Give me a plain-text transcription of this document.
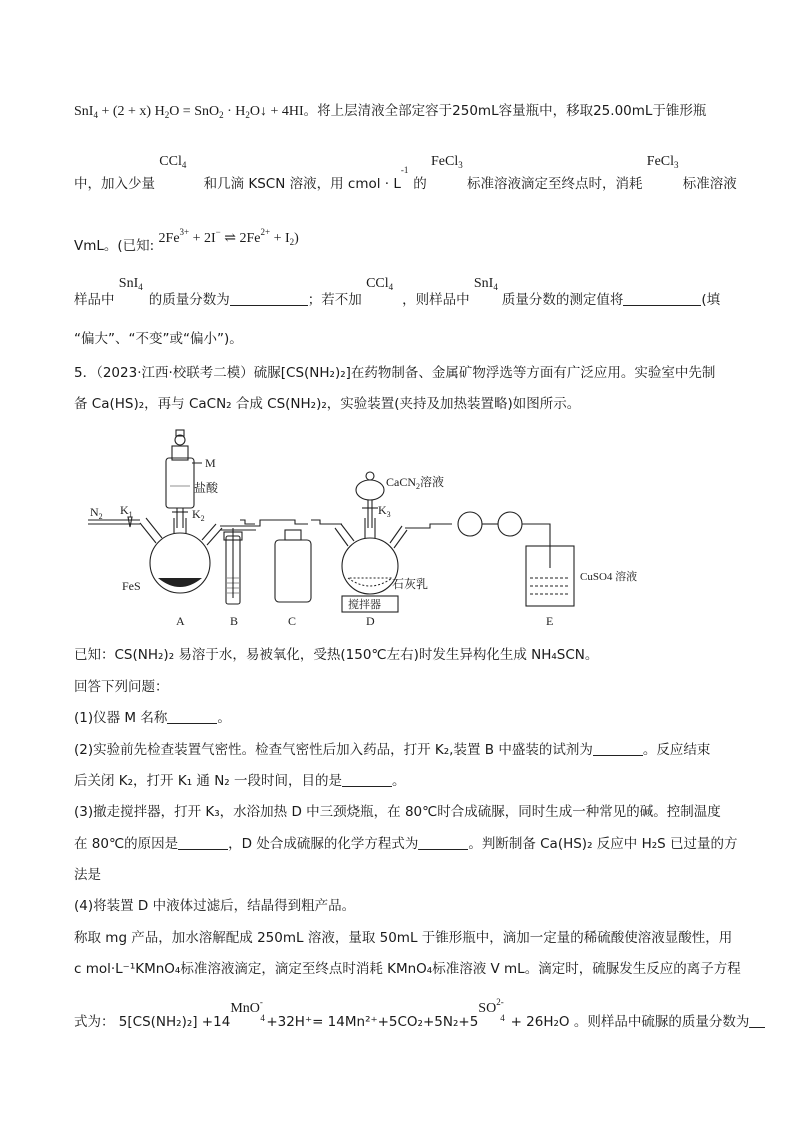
SnI$_4$ + (2 + x) $H_2O = SnO_2$ · $H_2O↓ + 4HI$。将上层清液全部定容于250mL容量瓶中，移取25.00mL于锥形瓶
中，加入少量
CCl$_4$
和几滴 KSCN 溶液，用 cmol · L
-1
的
FeCl$_3$
标准溶液滴定至终点时，消耗
FeCl$_3$
标准溶液
VmL。(已知: $2Fe^{3+} + 2I^-$ ⇌ $2Fe^{2+} + I_2$)
样品中
SnI$_4$
的质量分数为	；若不加
CCl$_4$
，则样品中
SnI$_4$
质量分数的测定值将	(填
“偏大”、“不变”或“偏小”)。
5．（2023·江西·校联考二模）硫脲[CS(NH₂)₂]在药物制备、金属矿物浮选等方面有广泛应用。实验室中先制
备 Ca(HS)₂，再与 CaCN₂ 合成 CS(NH₂)₂，实验装置(夹持及加热装置略)如图所示。
M
盐酸
$K_2$
$K_1$
$N_2$
FeS
CaCN$_2$溶液
$K_3$
石灰乳
搅拌器
CuSO4 溶液
A	B	C	D	E
已知：CS(NH₂)₂ 易溶于水，易被氧化，受热(150℃左右)时发生异构化生成 NH₄SCN。
回答下列问题：
(1)仪器 M 名称	。
(2)实验前先检查装置气密性。检查气密性后加入药品，打开 K₂,装置 B 中盛装的试剂为	。反应结束
后关闭 K₂，打开 K₁ 通 N₂ 一段时间，目的是	。
(3)撤走搅拌器，打开 K₃，水浴加热 D 中三颈烧瓶，在 80℃时合成硫脲，同时生成一种常见的碱。控制温度
在 80℃的原因是	，D 处合成硫脲的化学方程式为	。判断制备 Ca(HS)₂ 反应中 H₂S 已过量的方
法是
(4)将装置 D 中液体过滤后，结晶得到粗产品。
称取 mg 产品，加水溶解配成 250mL 溶液，量取 50mL 于锥形瓶中，滴加一定量的稀硫酸使溶液显酸性，用
c mol·L⁻¹KMnO₄标准溶液滴定，滴定至终点时消耗 KMnO₄标准溶液 V mL。滴定时，硫脲发生反应的离子方程
式为： 5[CS(NH₂)₂] +14
MnO-
4 +32H⁺= 14Mn²⁺+5CO₂+5N₂+5
$SO^{2-}$
4 + 26H₂O 。则样品中硫脲的质量分数为
